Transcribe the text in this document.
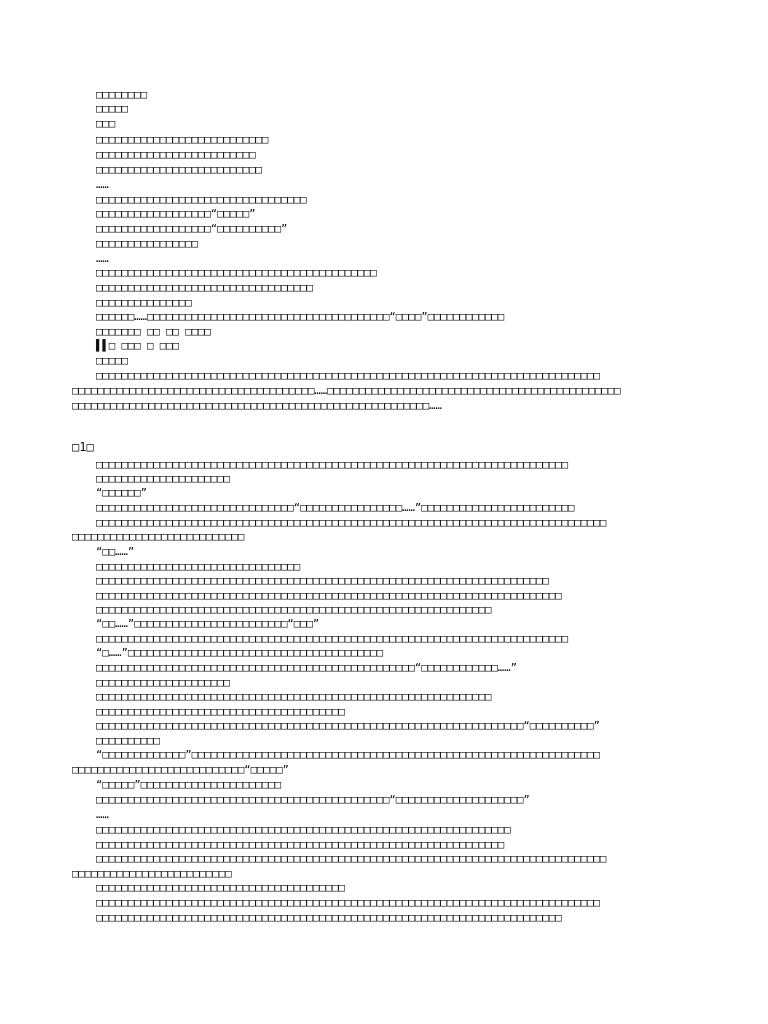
□□□□□□□□
□□□□□
□□□
□□□□□□□□□□□□□□□□□□□□□□□□□□□
□□□□□□□□□□□□□□□□□□□□□□□□□
□□□□□□□□□□□□□□□□□□□□□□□□□□
……
□□□□□□□□□□□□□□□□□□□□□□□□□□□□□□□□□
□□□□□□□□□□□□□□□□□□“□□□□□”
□□□□□□□□□□□□□□□□□□“□□□□□□□□□□”
□□□□□□□□□□□□□□□□
……
□□□□□□□□□□□□□□□□□□□□□□□□□□□□□□□□□□□□□□□□□□□□
□□□□□□□□□□□□□□□□□□□□□□□□□□□□□□□□□□
□□□□□□□□□□□□□□□
□□□□□□……□□□□□□□□□□□□□□□□□□□□□□□□□□□□□□□□□□□□□□“□□□□”□□□□□□□□□□□□
□□□□□□□ □□ □□ □□□□
▌▌□ □□□ □ □□□
□□□□□
□□□□□□□□□□□□□□□□□□□□□□□□□□□□□□□□□□□□□□□□□□□□□□□□□□□□□□□□□□□□□□□□□□□□□□□□□□□□□□□
□□□□□□□□□□□□□□□□□□□□□□□□□□□□□□□□□□□□□□……□□□□□□□□□□□□□□□□□□□□□□□□□□□□□□□□□□□□□□□□□□□□□□
□□□□□□□□□□□□□□□□□□□□□□□□□□□□□□□□□□□□□□□□□□□□□□□□□□□□□□□□……
□1□
□□□□□□□□□□□□□□□□□□□□□□□□□□□□□□□□□□□□□□□□□□□□□□□□□□□□□□□□□□□□□□□□□□□□□□□□□□
□□□□□□□□□□□□□□□□□□□□□
“□□□□□□”
□□□□□□□□□□□□□□□□□□□□□□□□□□□□□□□“□□□□□□□□□□□□□□□□……”□□□□□□□□□□□□□□□□□□□□□□□□
□□□□□□□□□□□□□□□□□□□□□□□□□□□□□□□□□□□□□□□□□□□□□□□□□□□□□□□□□□□□□□□□□□□□□□□□□□□□□□□□
□□□□□□□□□□□□□□□□□□□□□□□□□□□
“□□……”
□□□□□□□□□□□□□□□□□□□□□□□□□□□□□□□□
□□□□□□□□□□□□□□□□□□□□□□□□□□□□□□□□□□□□□□□□□□□□□□□□□□□□□□□□□□□□□□□□□□□□□□□
□□□□□□□□□□□□□□□□□□□□□□□□□□□□□□□□□□□□□□□□□□□□□□□□□□□□□□□□□□□□□□□□□□□□□□□□□
□□□□□□□□□□□□□□□□□□□□□□□□□□□□□□□□□□□□□□□□□□□□□□□□□□□□□□□□□□□□□□
“□□……”□□□□□□□□□□□□□□□□□□□□□□□□“□□□”
□□□□□□□□□□□□□□□□□□□□□□□□□□□□□□□□□□□□□□□□□□□□□□□□□□□□□□□□□□□□□□□□□□□□□□□□□□
“□……”□□□□□□□□□□□□□□□□□□□□□□□□□□□□□□□□□□□□□□□□
□□□□□□□□□□□□□□□□□□□□□□□□□□□□□□□□□□□□□□□□□□□□□□□□□□“□□□□□□□□□□□□……”
□□□□□□□□□□□□□□□□□□□□□
□□□□□□□□□□□□□□□□□□□□□□□□□□□□□□□□□□□□□□□□□□□□□□□□□□□□□□□□□□□□□□
□□□□□□□□□□□□□□□□□□□□□□□□□□□□□□□□□□□□□□□
□□□□□□□□□□□□□□□□□□□□□□□□□□□□□□□□□□□□□□□□□□□□□□□□□□□□□□□□□□□□□□□□□□□“□□□□□□□□□□”
□□□□□□□□□□
“□□□□□□□□□□□□□”□□□□□□□□□□□□□□□□□□□□□□□□□□□□□□□□□□□□□□□□□□□□□□□□□□□□□□□□□□□□□□□□
□□□□□□□□□□□□□□□□□□□□□□□□□□□“□□□□□”
“□□□□□”□□□□□□□□□□□□□□□□□□□□□□
□□□□□□□□□□□□□□□□□□□□□□□□□□□□□□□□□□□□□□□□□□□□□□“□□□□□□□□□□□□□□□□□□□□”
……
□□□□□□□□□□□□□□□□□□□□□□□□□□□□□□□□□□□□□□□□□□□□□□□□□□□□□□□□□□□□□□□□□
□□□□□□□□□□□□□□□□□□□□□□□□□□□□□□□□□□□□□□□□□□□□□□□□□□□□□□□□□□□□□□□□
□□□□□□□□□□□□□□□□□□□□□□□□□□□□□□□□□□□□□□□□□□□□□□□□□□□□□□□□□□□□□□□□□□□□□□□□□□□□□□□□
□□□□□□□□□□□□□□□□□□□□□□□□□
□□□□□□□□□□□□□□□□□□□□□□□□□□□□□□□□□□□□□□□
□□□□□□□□□□□□□□□□□□□□□□□□□□□□□□□□□□□□□□□□□□□□□□□□□□□□□□□□□□□□□□□□□□□□□□□□□□□□□□□
□□□□□□□□□□□□□□□□□□□□□□□□□□□□□□□□□□□□□□□□□□□□□□□□□□□□□□□□□□□□□□□□□□□□□□□□□
